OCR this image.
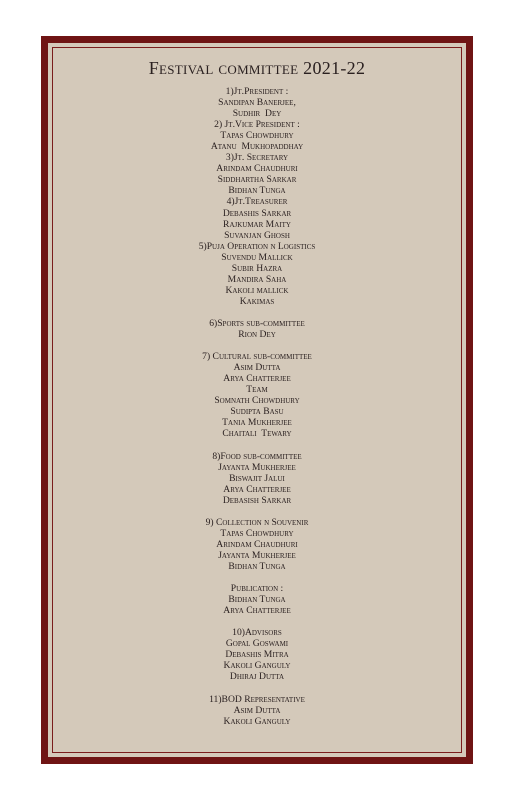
Festival committee 2021-22
1)Jt.President :
Sandipan Banerjee,
Sudhir  Dey
2) Jt.Vice President :
Tapas Chowdhury
Atanu  Mukhopaddhay
3)Jt. Secretary
Arindam Chaudhuri
Siddhartha Sarkar
Bidhan Tunga
4)Jt.Treasurer
Debashis Sarkar
Rajkumar Maity
Suvanjan Ghosh
5)Puja Operation n Logistics
Suvendu Mallick
Subir Hazra
Mandira Saha
Kakoli mallick
Kakimas
6)Sports sub-committee
Rion Dey
7) Cultural sub-committee
Asim Dutta
Arya Chatterjee
Team
Somnath Chowdhury
Sudipta Basu
Tania Mukherjee
Chaitali  Tewary
8)Food sub-committee
Jayanta Mukherjee
Biswajit Jalui
Arya Chatterjee
Debasish Sarkar
9) Collection n Souvenir
Tapas Chowdhury
Arindam Chaudhuri
Jayanta Mukherjee
Bidhan Tunga
Publication :
Bidhan Tunga
Arya Chatterjee
10)Advisors
Gopal Goswami
Debashis Mitra
Kakoli Ganguly
Dhiraj Dutta
11)BOD Representative
Asim Dutta
Kakoli Ganguly
